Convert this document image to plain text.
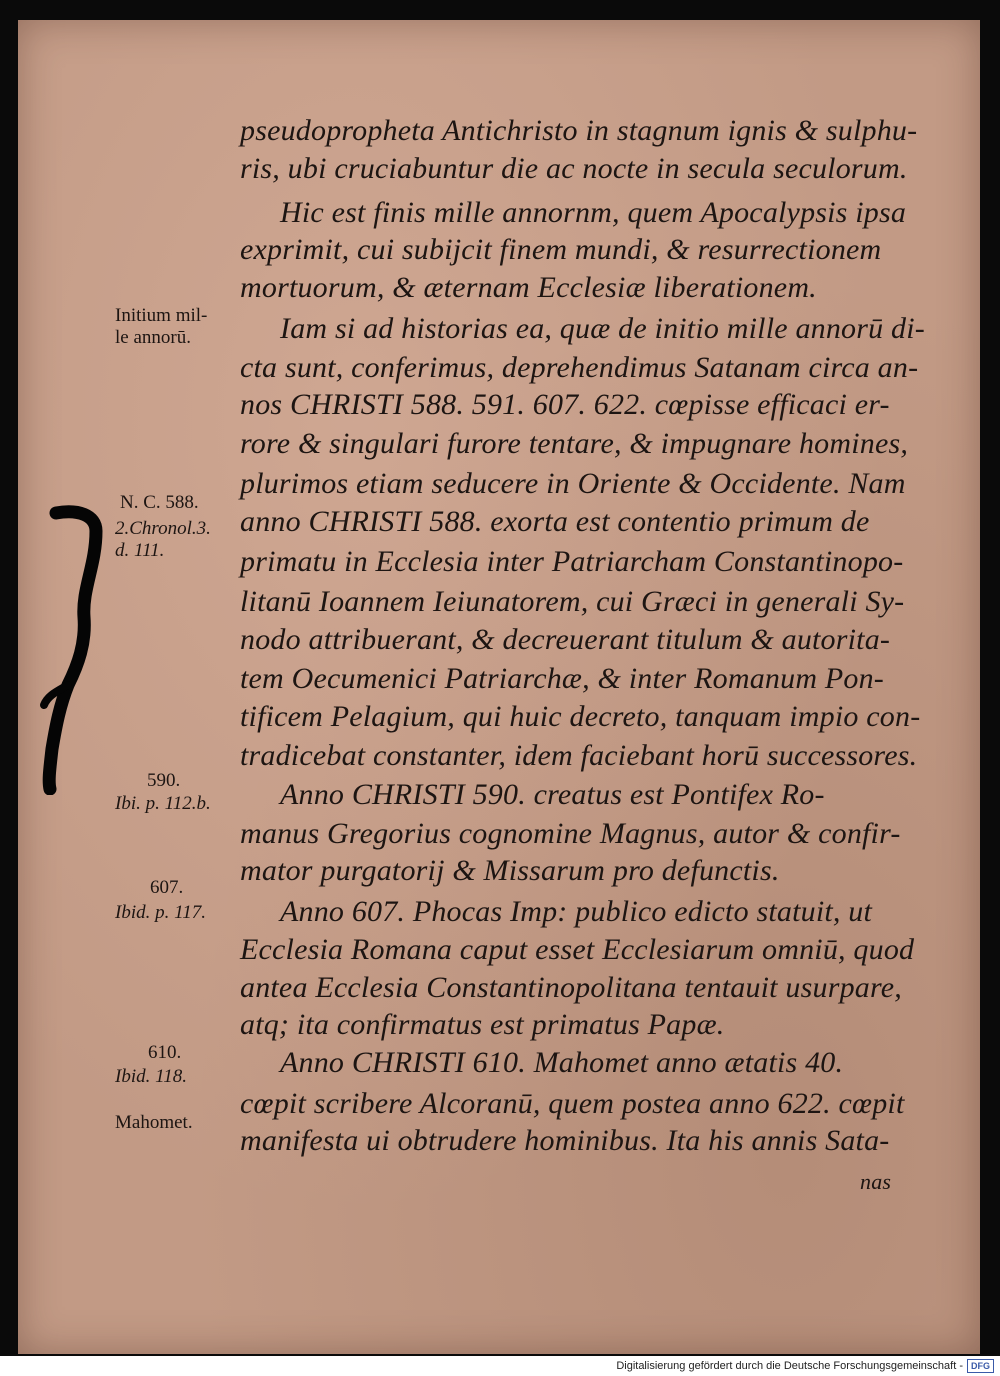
pseudopropheta Antichristo in stagnum ignis & sulphu-
ris, ubi cruciabuntur die ac nocte in secula seculorum.
Hic est finis mille annornm, quem Apocalypsis ipsa
exprimit, cui subijcit finem mundi, & resurrectionem
mortuorum, & æternam Ecclesiæ liberationem.
Iam si ad historias ea, quæ de initio mille annorū di-
cta sunt, conferimus, deprehendimus Satanam circa an-
nos CHRISTI 588. 591. 607. 622. cœpisse efficaci er-
rore & singulari furore tentare, & impugnare homines,
plurimos etiam seducere in Oriente & Occidente. Nam
anno CHRISTI 588. exorta est contentio primum de
primatu in Ecclesia inter Patriarcham Constantinopo-
litanū Ioannem Ieiunatorem, cui Græci in generali Sy-
nodo attribuerant, & decreuerant titulum & autorita-
tem Oecumenici Patriarchæ, & inter Romanum Pon-
tificem Pelagium, qui huic decreto, tanquam impio con-
tradicebat constanter, idem faciebant horū successores.
Anno CHRISTI 590. creatus est Pontifex Ro-
manus Gregorius cognomine Magnus, autor & confir-
mator purgatorij & Missarum pro defunctis.
Anno 607. Phocas Imp: publico edicto statuit, ut
Ecclesia Romana caput esset Ecclesiarum omniū, quod
antea Ecclesia Constantinopolitana tentauit usurpare,
atq; ita confirmatus est primatus Papæ.
Anno CHRISTI 610. Mahomet anno ætatis 40.
cœpit scribere Alcoranū, quem postea anno 622. cœpit
manifesta ui obtrudere hominibus. Ita his annis Sata-
nas
Initium mil-
le annorū.
N. C. 588.
2.Chronol.3.
d. 111.
590.
Ibi. p. 112.b.
607.
Ibid. p. 117.
610.
Ibid. 118.
Mahomet.
Digitalisierung gefördert durch die Deutsche Forschungsgemeinschaft - DFG
